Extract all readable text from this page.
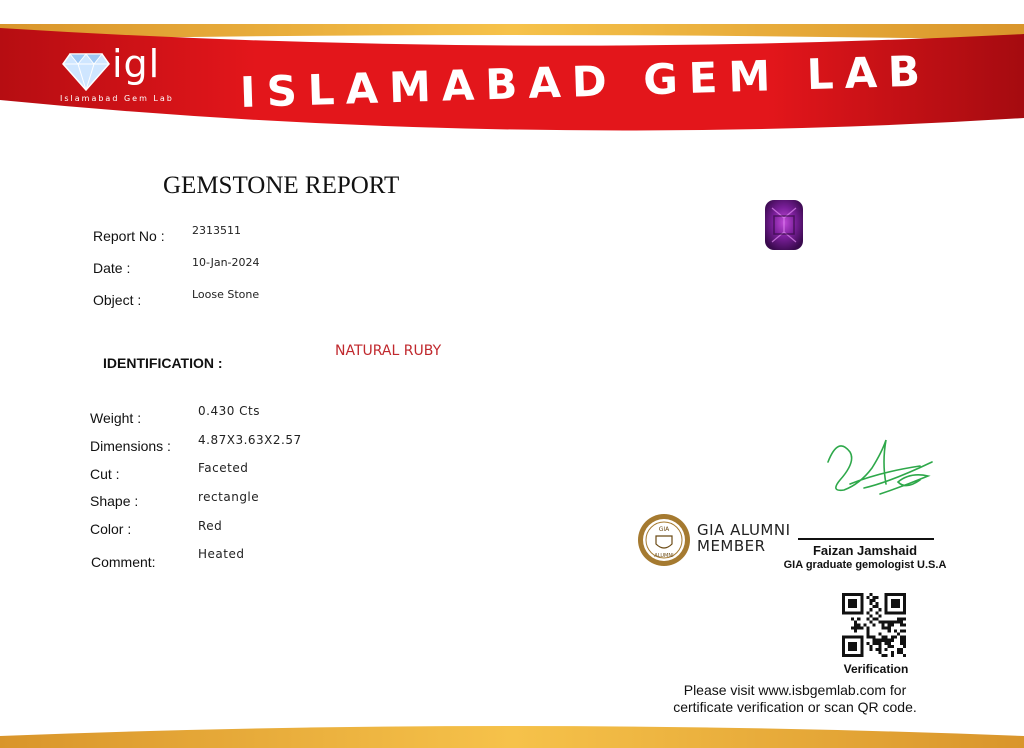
igl
Islamabad Gem Lab ISLAMABAD GEM LAB
GEMSTONE REPORT
Report No : 2313511
Date :	10-Jan-2024
Object :	Loose Stone
IDENTIFICATION :
NATURAL RUBY
Weight :	0.430 Cts
Dimensions : 4.87X3.63X2.57
Cut :	Faceted
Shape :	rectangle
Color :	Red
Comment:	Heated
GIA
ALUMNI
GIA ALUMNI
MEMBER	Faizan Jamshaid
GIA graduate gemologist U.S.A
Verification
Please visit www.isbgemlab.com for
certificate verification or scan QR code.
